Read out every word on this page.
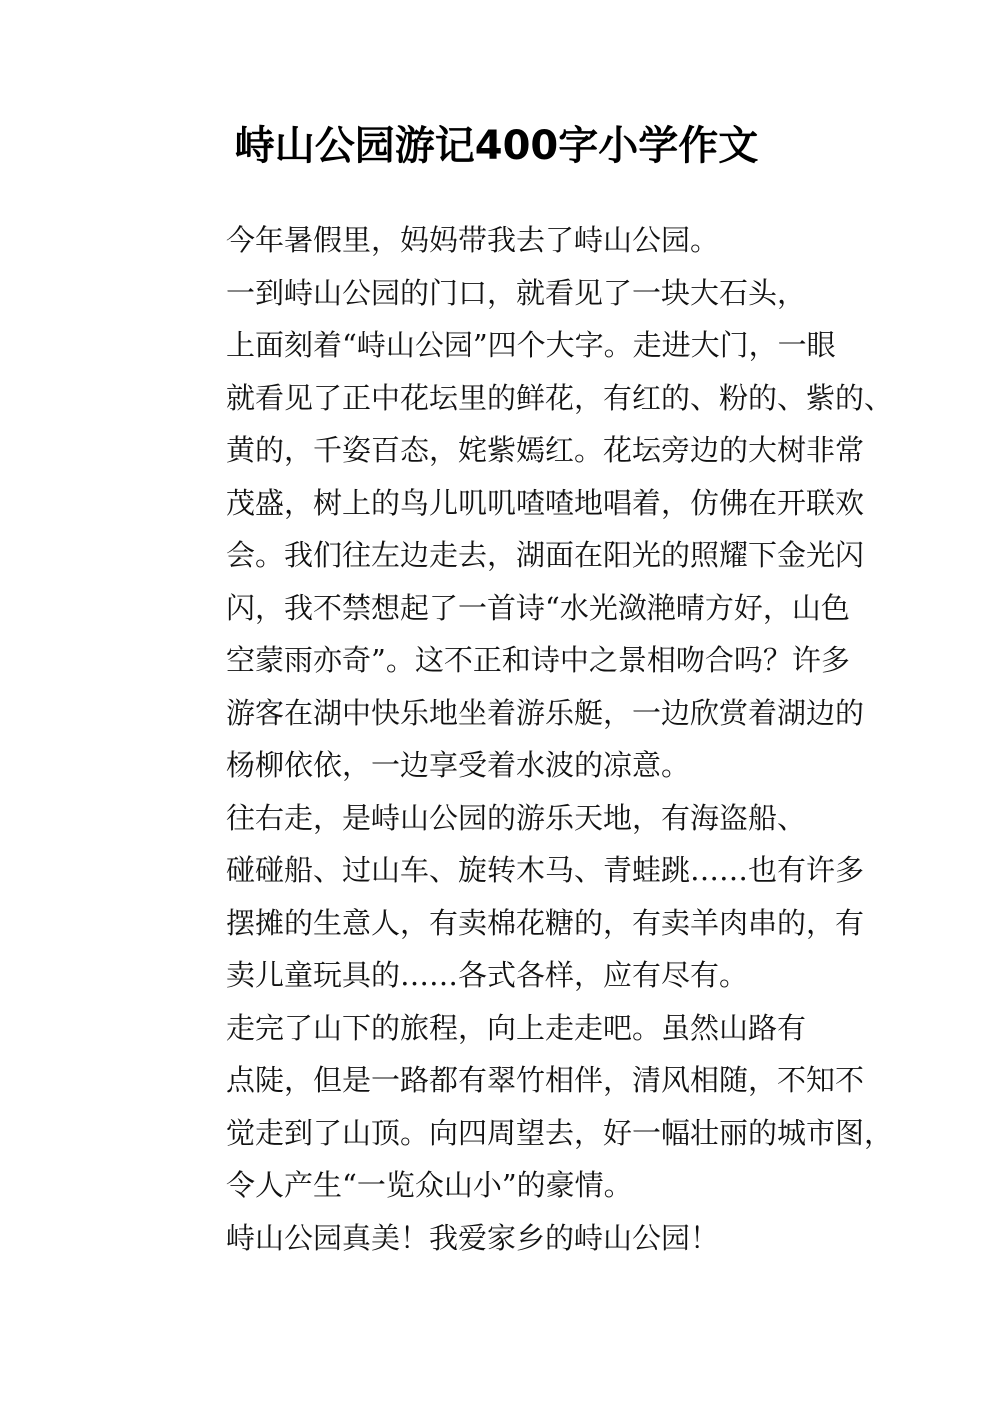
峙山公园游记400字小学作文

今年暑假里，妈妈带我去了峙山公园。

一到峙山公园的门口，就看见了一块大石头，
上面刻着“峙山公园”四个大字。走进大门，一眼
就看见了正中花坛里的鲜花，有红的、粉的、紫的、
黄的，千姿百态，姹紫嫣红。花坛旁边的大树非常
茂盛，树上的鸟儿叽叽喳喳地唱着，仿佛在开联欢
会。我们往左边走去，湖面在阳光的照耀下金光闪
闪，我不禁想起了一首诗“水光潋滟晴方好，山色
空蒙雨亦奇”。这不正和诗中之景相吻合吗？许多
游客在湖中快乐地坐着游乐艇，一边欣赏着湖边的
杨柳依依，一边享受着水波的凉意。

往右走，是峙山公园的游乐天地，有海盗船、
碰碰船、过山车、旋转木马、青蛙跳……也有许多
摆摊的生意人，有卖棉花糖的，有卖羊肉串的，有
卖儿童玩具的……各式各样，应有尽有。

走完了山下的旅程，向上走走吧。虽然山路有
点陡，但是一路都有翠竹相伴，清风相随，不知不
觉走到了山顶。向四周望去，好一幅壮丽的城市图，
令人产生“一览众山小”的豪情。

峙山公园真美！我爱家乡的峙山公园！
